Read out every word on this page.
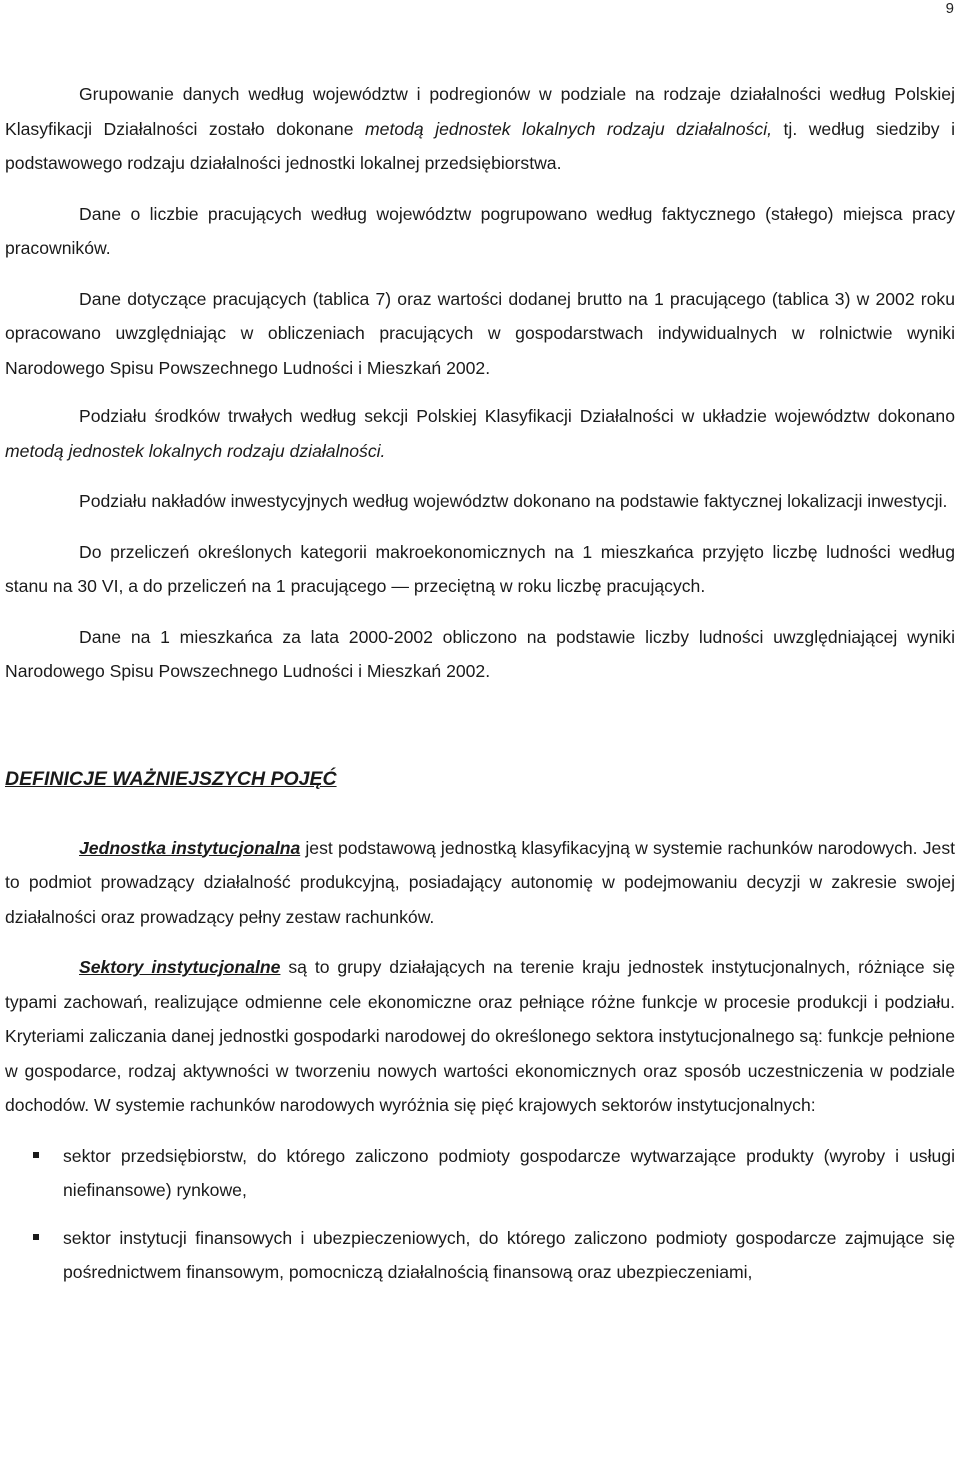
9

Grupowanie danych według województw i podregionów w podziale na rodzaje działalności według Polskiej Klasyfikacji Działalności zostało dokonane metodą jednostek lokalnych rodzaju działalności, tj. według siedziby i podstawowego rodzaju działalności jednostki lokalnej przedsiębiorstwa.

Dane o liczbie pracujących według województw pogrupowano według faktycznego (stałego) miejsca pracy pracowników.

Dane dotyczące pracujących (tablica 7) oraz wartości dodanej brutto na 1 pracującego (tablica 3) w 2002 roku opracowano uwzględniając w obliczeniach pracujących w gospodarstwach indywidualnych w rolnictwie wyniki Narodowego Spisu Powszechnego Ludności i Mieszkań 2002.

Podziału środków trwałych według sekcji Polskiej Klasyfikacji Działalności w układzie województw dokonano metodą jednostek lokalnych rodzaju działalności.

Podziału nakładów inwestycyjnych według województw dokonano na podstawie faktycznej lokalizacji inwestycji.

Do przeliczeń określonych kategorii makroekonomicznych na 1 mieszkańca przyjęto liczbę ludności według stanu na 30 VI, a do przeliczeń na 1 pracującego — przeciętną w roku liczbę pracujących.

Dane na 1 mieszkańca za lata 2000-2002 obliczono na podstawie liczby ludności uwzględniającej wyniki Narodowego Spisu Powszechnego Ludności i Mieszkań 2002.

DEFINICJE WAŻNIEJSZYCH POJĘĆ

Jednostka instytucjonalna jest podstawową jednostką klasyfikacyjną w systemie rachunków narodowych. Jest to podmiot prowadzący działalność produkcyjną, posiadający autonomię w podejmowaniu decyzji w zakresie swojej działalności oraz prowadzący pełny zestaw rachunków.

Sektory instytucjonalne są to grupy działających na terenie kraju jednostek instytucjonalnych, różniące się typami zachowań, realizujące odmienne cele ekonomiczne oraz pełniące różne funkcje w procesie produkcji i podziału. Kryteriami zaliczania danej jednostki gospodarki narodowej do określonego sektora instytucjonalnego są: funkcje pełnione w gospodarce, rodzaj aktywności w tworzeniu nowych wartości ekonomicznych oraz sposób uczestniczenia w podziale dochodów. W systemie rachunków narodowych wyróżnia się pięć krajowych sektorów instytucjonalnych:

sektor przedsiębiorstw, do którego zaliczono podmioty gospodarcze wytwarzające produkty (wyroby i usługi niefinansowe) rynkowe,
sektor instytucji finansowych i ubezpieczeniowych, do którego zaliczono podmioty gospodarcze zajmujące się pośrednictwem finansowym, pomocniczą działalnością finansową oraz ubezpieczeniami,
